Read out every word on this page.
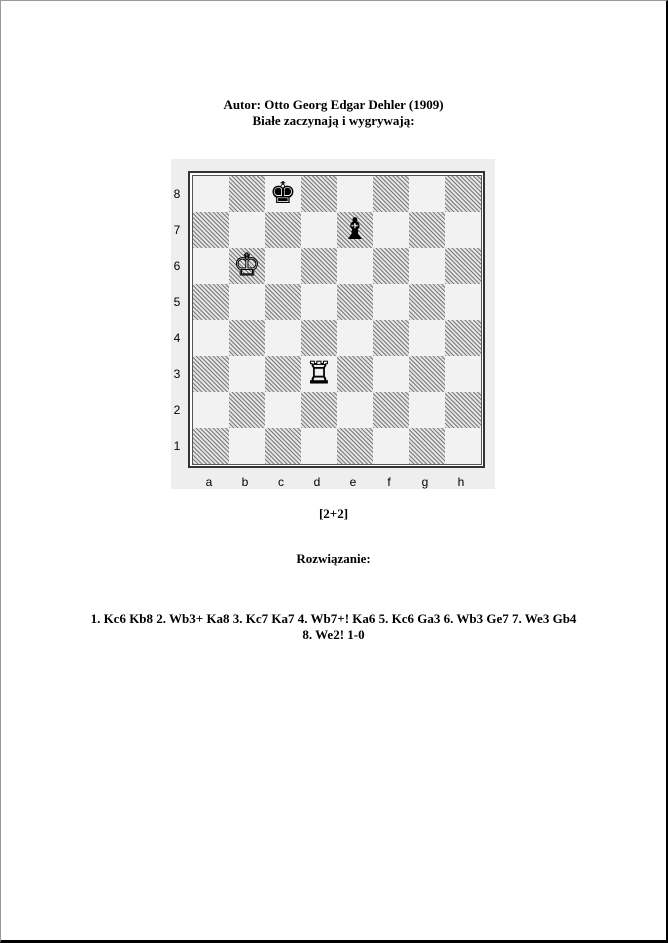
Autor: Otto Georg Edgar Dehler (1909)
Białe zaczynają i wygrywają:
8
7
6
5
4
3
2
1
♚
♝
♔
♖
a	b	c	d	e	f	g	h
[2+2]
Rozwiązanie:
1. Kc6 Kb8 2. Wb3+ Ka8 3. Kc7 Ka7 4. Wb7+! Ka6 5. Kc6 Ga3 6. Wb3 Ge7 7. We3 Gb4
8. We2! 1-0
